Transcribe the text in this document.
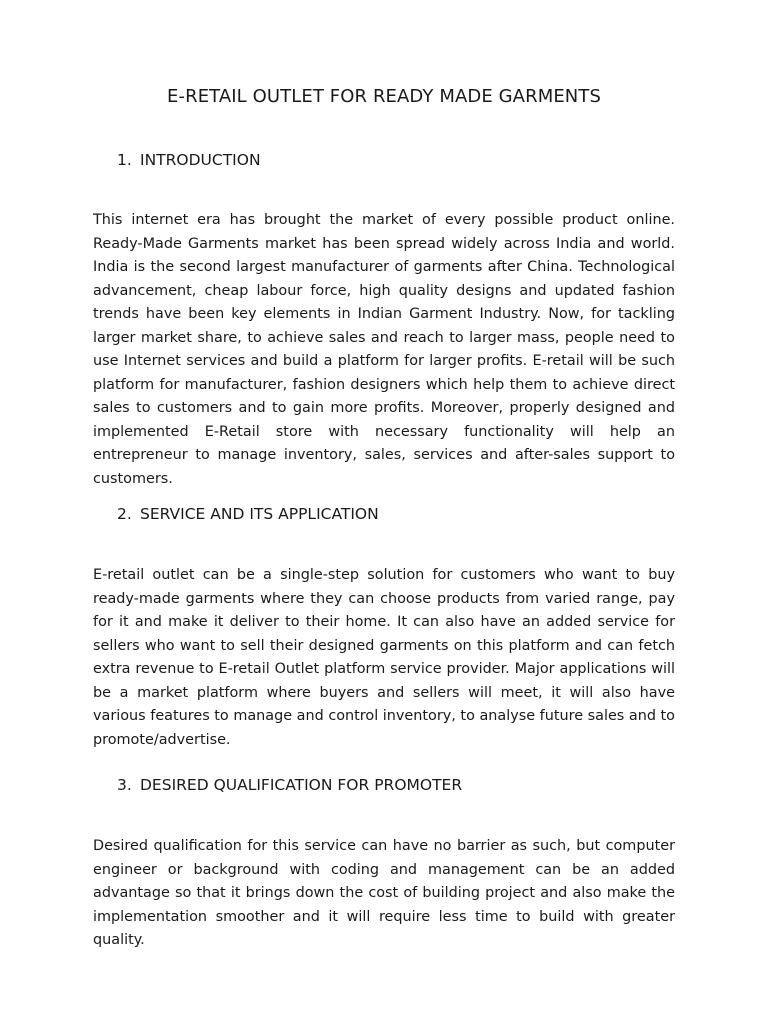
E-RETAIL OUTLET FOR READY MADE GARMENTS
1. INTRODUCTION

This internet era has brought the market of every possible product online. Ready-Made Garments market has been spread widely across India and world. India is the second largest manufacturer of garments after China. Technological advancement, cheap labour force, high quality designs and updated fashion trends have been key elements in Indian Garment Industry. Now, for tackling larger market share, to achieve sales and reach to larger mass, people need to use Internet services and build a platform for larger profits. E-retail will be such platform for manufacturer, fashion designers which help them to achieve direct sales to customers and to gain more profits. Moreover, properly designed and implemented E-Retail store with necessary functionality will help an entrepreneur to manage inventory, sales, services and after-sales support to customers.

2. SERVICE AND ITS APPLICATION

E-retail outlet can be a single-step solution for customers who want to buy ready-made garments where they can choose products from varied range, pay for it and make it deliver to their home. It can also have an added service for sellers who want to sell their designed garments on this platform and can fetch extra revenue to E-retail Outlet platform service provider. Major applications will be a market platform where buyers and sellers will meet, it will also have various features to manage and control inventory, to analyse future sales and to promote/advertise.

3. DESIRED QUALIFICATION FOR PROMOTER

Desired qualification for this service can have no barrier as such, but computer engineer or background with coding and management can be an added advantage so that it brings down the cost of building project and also make the implementation smoother and it will require less time to build with greater quality.
